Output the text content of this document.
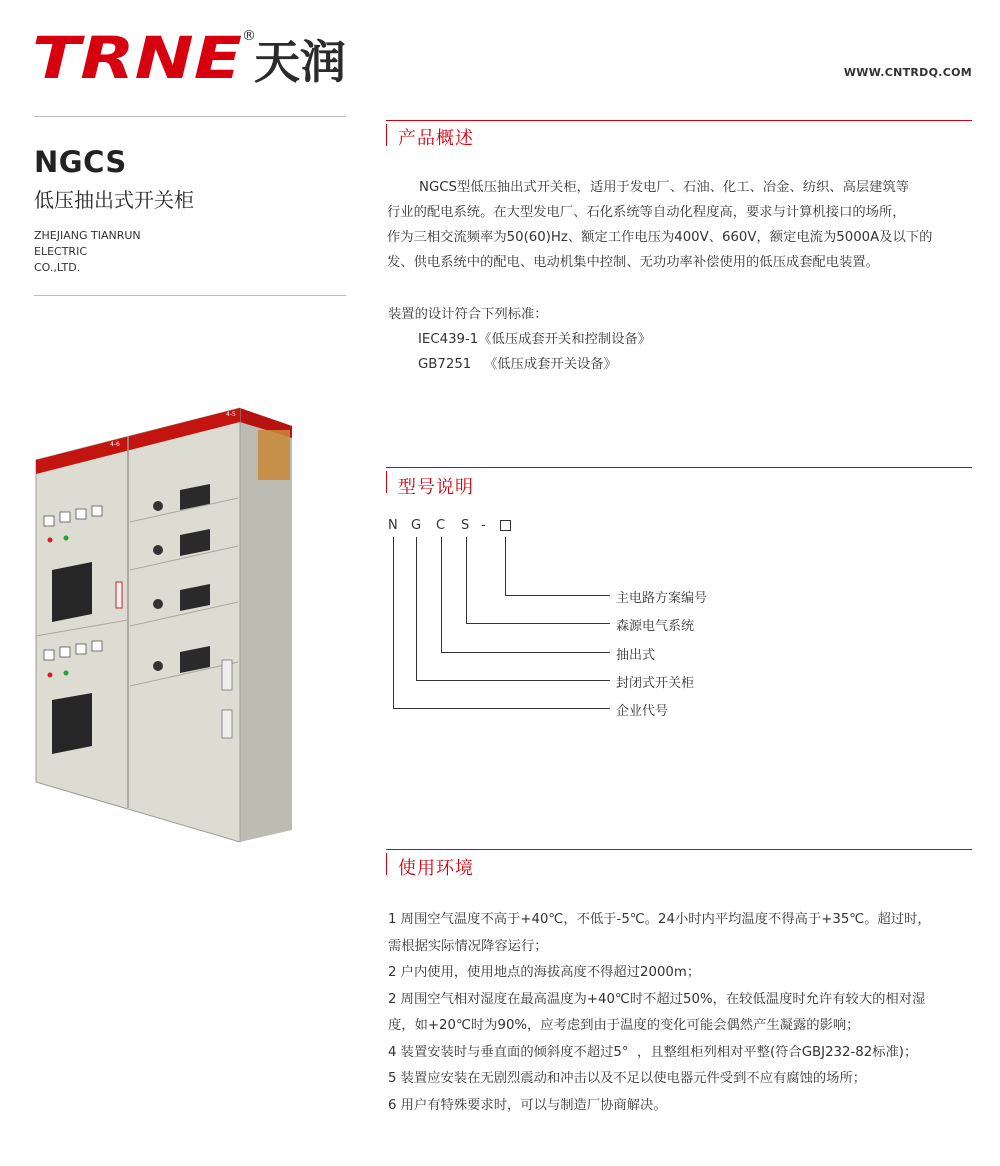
TRNE ®
天润	WWW.CNTRDQ.COM
NGCS
低压抽出式开关柜
ZHEJIANG TIANRUN
ELECTRIC
CO.,LTD.
4-5
4-6
产品概述

NGCS型低压抽出式开关柜，适用于发电厂、石油、化工、冶金、纺织、高层建筑等

行业的配电系统。在大型发电厂、石化系统等自动化程度高，要求与计算机接口的场所，

作为三相交流频率为50(60)Hz、额定工作电压为400V、660V，额定电流为5000A及以下的

发、供电系统中的配电、电动机集中控制、无功功率补偿使用的低压成套配电装置。

装置的设计符合下列标准：
IEC439-1《低压成套开关和控制设备》
GB7251   《低压成套开关设备》
型号说明
N G C S -
主电路方案编号
森源电气系统
抽出式
封闭式开关柜
企业代号
使用环境
1 周围空气温度不高于+40℃，不低于-5℃。24小时内平均温度不得高于+35℃。超过时，
需根据实际情况降容运行；
2 户内使用，使用地点的海拔高度不得超过2000m；
2 周围空气相对湿度在最高温度为+40℃时不超过50%，在较低温度时允许有较大的相对湿
度，如+20℃时为90%，应考虑到由于温度的变化可能会偶然产生凝露的影响；
4 装置安装时与垂直面的倾斜度不超过5°  ，且整组柜列相对平整(符合GBJ232-82标准)；
5 装置应安装在无剧烈震动和冲击以及不足以使电器元件受到不应有腐蚀的场所；
6 用户有特殊要求时，可以与制造厂协商解决。
